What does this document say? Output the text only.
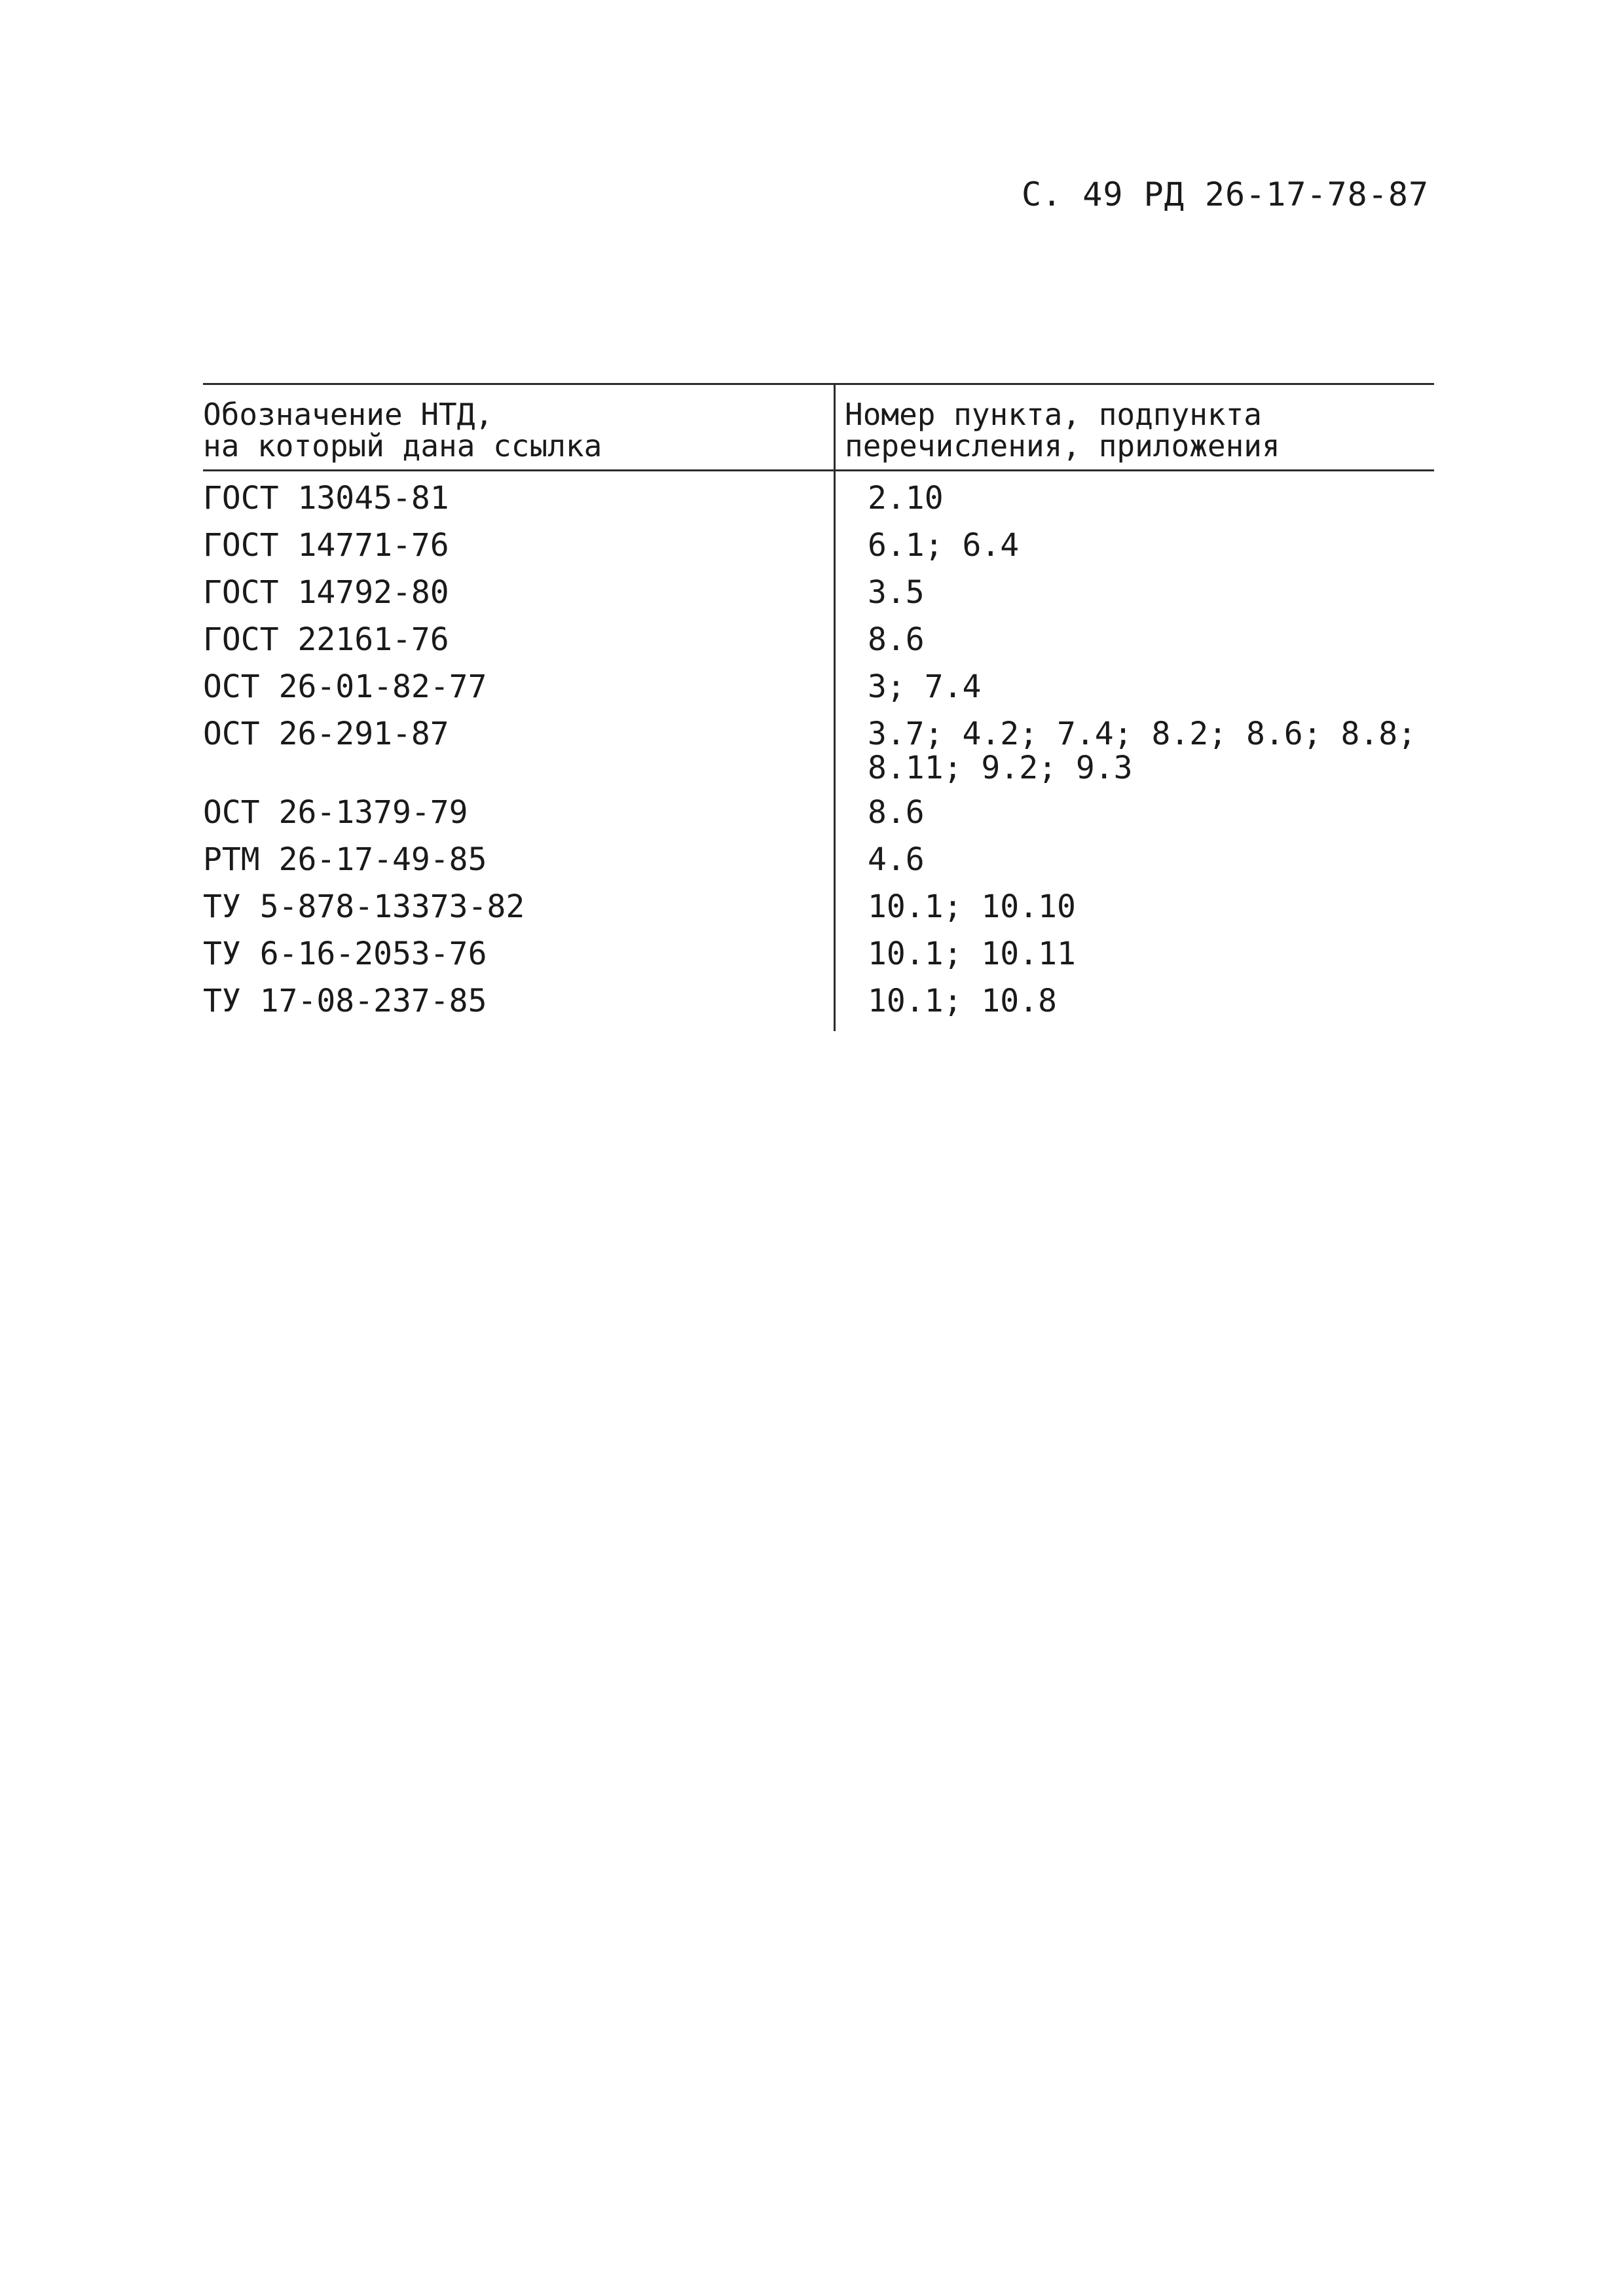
С. 49 РД 26-17-78-87
Обозначение НТД,
на который дана ссылка
Номер пункта, подпункта
перечисления, приложения
ГОСТ 13045-81	2.10
ГОСТ 14771-76	6.1; 6.4
ГОСТ 14792-80	3.5
ГОСТ 22161-76	8.6
ОСТ 26-01-82-77	3; 7.4
ОСТ 26-291-87	3.7; 4.2; 7.4; 8.2; 8.6; 8.8; 8.11; 9.2; 9.3
ОСТ 26-1379-79	8.6
РТМ 26-17-49-85	4.6
ТУ 5-878-13373-82	10.1; 10.10
ТУ 6-16-2053-76	10.1; 10.11
ТУ 17-08-237-85	10.1; 10.8
